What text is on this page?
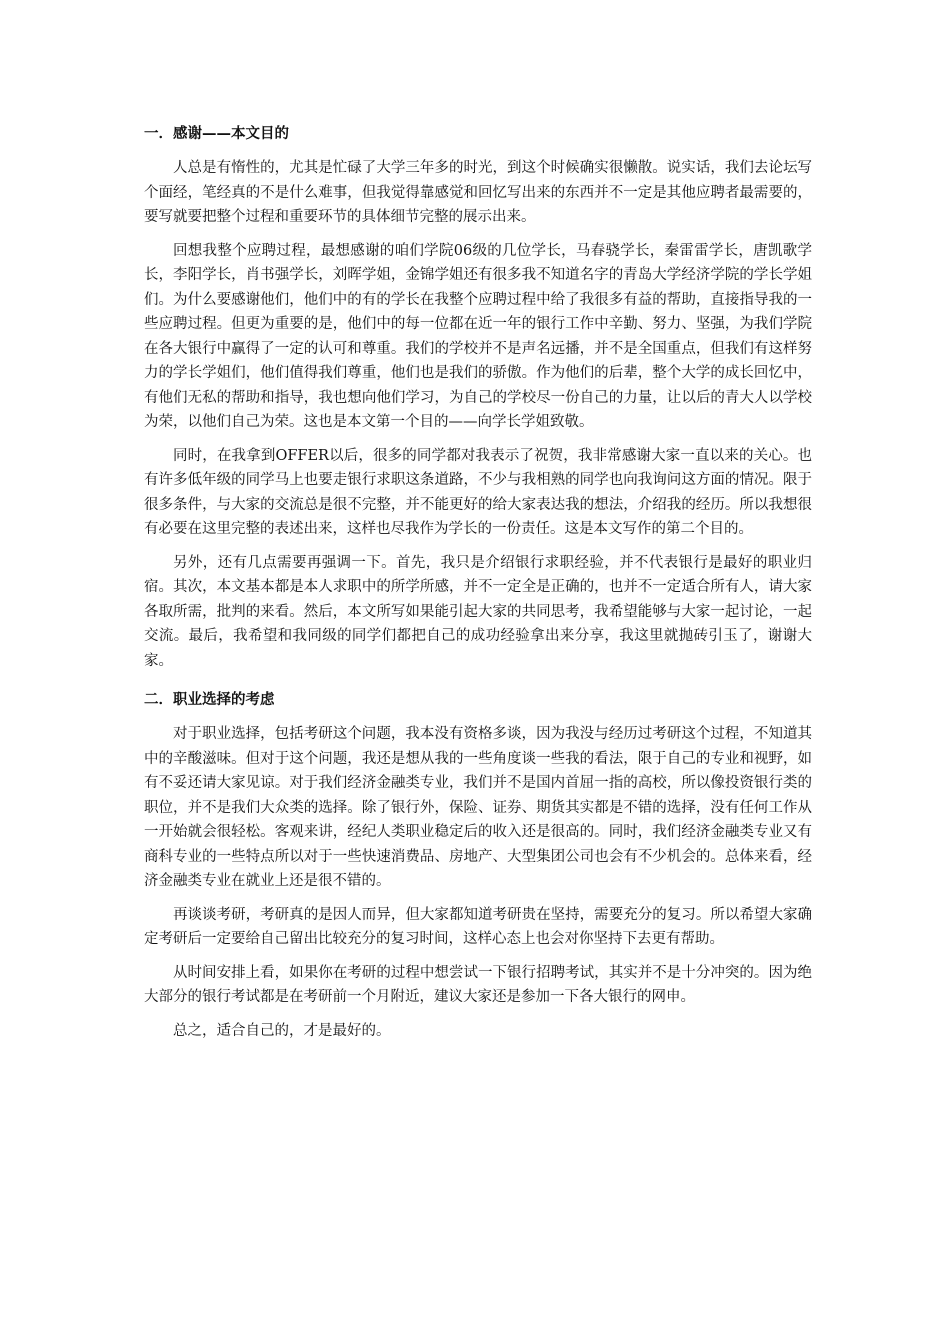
一．感谢——本文目的

人总是有惰性的，尤其是忙碌了大学三年多的时光，到这个时候确实很懒散。说实话，我们去论坛写个面经，笔经真的不是什么难事，但我觉得靠感觉和回忆写出来的东西并不一定是其他应聘者最需要的，要写就要把整个过程和重要环节的具体细节完整的展示出来。

回想我整个应聘过程，最想感谢的咱们学院06级的几位学长，马春骁学长，秦雷雷学长，唐凯歌学长，李阳学长，肖书强学长，刘晖学姐，金锦学姐还有很多我不知道名字的青岛大学经济学院的学长学姐们。为什么要感谢他们，他们中的有的学长在我整个应聘过程中给了我很多有益的帮助，直接指导我的一些应聘过程。但更为重要的是，他们中的每一位都在近一年的银行工作中辛勤、努力、坚强，为我们学院在各大银行中赢得了一定的认可和尊重。我们的学校并不是声名远播，并不是全国重点，但我们有这样努力的学长学姐们，他们值得我们尊重，他们也是我们的骄傲。作为他们的后辈，整个大学的成长回忆中，有他们无私的帮助和指导，我也想向他们学习，为自己的学校尽一份自己的力量，让以后的青大人以学校为荣，以他们自己为荣。这也是本文第一个目的——向学长学姐致敬。

同时，在我拿到OFFER以后，很多的同学都对我表示了祝贺，我非常感谢大家一直以来的关心。也有许多低年级的同学马上也要走银行求职这条道路，不少与我相熟的同学也向我询问这方面的情况。限于很多条件，与大家的交流总是很不完整，并不能更好的给大家表达我的想法，介绍我的经历。所以我想很有必要在这里完整的表述出来，这样也尽我作为学长的一份责任。这是本文写作的第二个目的。

另外，还有几点需要再强调一下。首先，我只是介绍银行求职经验，并不代表银行是最好的职业归宿。其次，本文基本都是本人求职中的所学所感，并不一定全是正确的，也并不一定适合所有人，请大家各取所需，批判的来看。然后，本文所写如果能引起大家的共同思考，我希望能够与大家一起讨论，一起交流。最后，我希望和我同级的同学们都把自己的成功经验拿出来分享，我这里就抛砖引玉了，谢谢大家。

二．职业选择的考虑

对于职业选择，包括考研这个问题，我本没有资格多谈，因为我没与经历过考研这个过程，不知道其中的辛酸滋味。但对于这个问题，我还是想从我的一些角度谈一些我的看法，限于自己的专业和视野，如有不妥还请大家见谅。对于我们经济金融类专业，我们并不是国内首屈一指的高校，所以像投资银行类的职位，并不是我们大众类的选择。除了银行外，保险、证券、期货其实都是不错的选择，没有任何工作从一开始就会很轻松。客观来讲，经纪人类职业稳定后的收入还是很高的。同时，我们经济金融类专业又有商科专业的一些特点所以对于一些快速消费品、房地产、大型集团公司也会有不少机会的。总体来看，经济金融类专业在就业上还是很不错的。

再谈谈考研，考研真的是因人而异，但大家都知道考研贵在坚持，需要充分的复习。所以希望大家确定考研后一定要给自己留出比较充分的复习时间，这样心态上也会对你坚持下去更有帮助。

从时间安排上看，如果你在考研的过程中想尝试一下银行招聘考试，其实并不是十分冲突的。因为绝大部分的银行考试都是在考研前一个月附近，建议大家还是参加一下各大银行的网申。

总之，适合自己的，才是最好的。
